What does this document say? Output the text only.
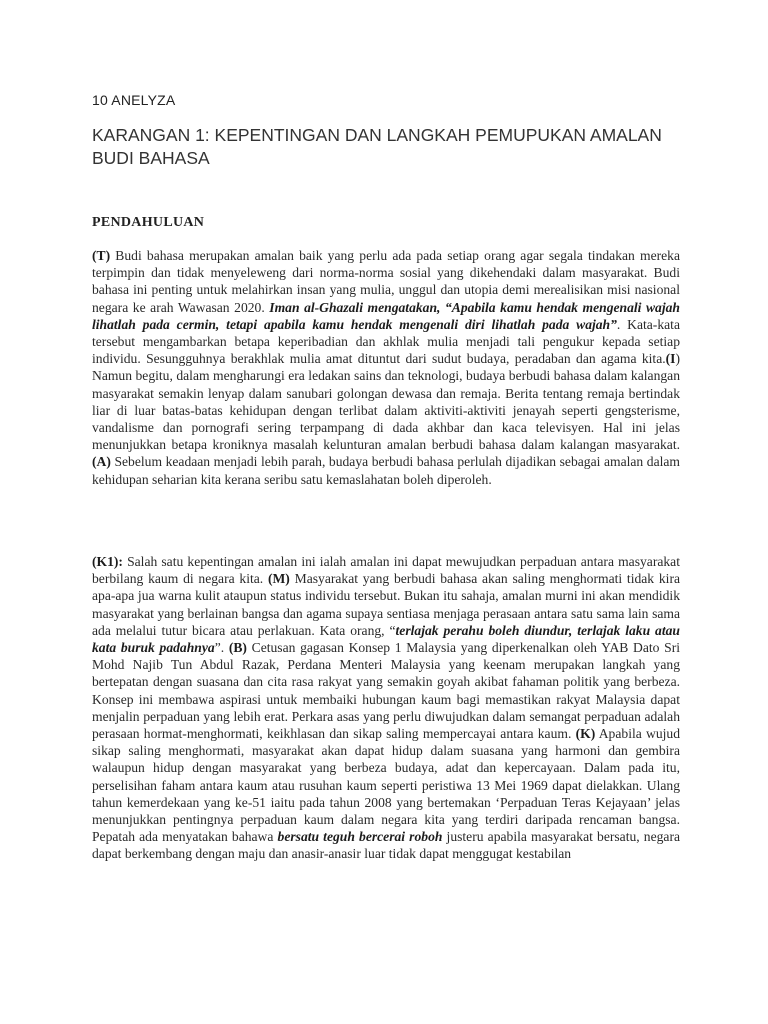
10 ANELYZA
KARANGAN 1: KEPENTINGAN DAN LANGKAH PEMUPUKAN AMALAN BUDI BAHASA
PENDAHULUAN

(T) Budi bahasa merupakan amalan baik yang perlu ada pada setiap orang agar segala tindakan mereka terpimpin dan tidak menyeleweng dari norma-norma sosial yang dikehendaki dalam masyarakat. Budi bahasa ini penting untuk melahirkan insan yang mulia, unggul dan utopia demi merealisikan misi nasional negara ke arah Wawasan 2020. Iman al-Ghazali mengatakan, “Apabila kamu hendak mengenali wajah lihatlah pada cermin, tetapi apabila kamu hendak mengenali diri lihatlah pada wajah”. Kata-kata tersebut mengambarkan betapa keperibadian dan akhlak mulia menjadi tali pengukur kepada setiap individu. Sesungguhnya berakhlak mulia amat dituntut dari sudut budaya, peradaban dan agama kita.(I) Namun begitu, dalam mengharungi era ledakan sains dan teknologi, budaya berbudi bahasa dalam kalangan masyarakat semakin lenyap dalam sanubari golongan dewasa dan remaja. Berita tentang remaja bertindak liar di luar batas-batas kehidupan dengan terlibat dalam aktiviti-aktiviti jenayah seperti gengsterisme, vandalisme dan pornografi sering terpampang di dada akhbar dan kaca televisyen. Hal ini jelas menunjukkan betapa kroniknya masalah kelunturan amalan berbudi bahasa dalam kalangan masyarakat. (A) Sebelum keadaan menjadi lebih parah, budaya berbudi bahasa perlulah dijadikan sebagai amalan dalam kehidupan seharian kita kerana seribu satu kemaslahatan boleh diperoleh.

(K1): Salah satu kepentingan amalan ini ialah amalan ini dapat mewujudkan perpaduan antara masyarakat berbilang kaum di negara kita. (M) Masyarakat yang berbudi bahasa akan saling menghormati tidak kira apa-apa jua warna kulit ataupun status individu tersebut. Bukan itu sahaja, amalan murni ini akan mendidik masyarakat yang berlainan bangsa dan agama supaya sentiasa menjaga perasaan antara satu sama lain sama ada melalui tutur bicara atau perlakuan. Kata orang, “terlajak perahu boleh diundur, terlajak laku atau kata buruk padahnya”. (B) Cetusan gagasan Konsep 1 Malaysia yang diperkenalkan oleh YAB Dato Sri Mohd Najib Tun Abdul Razak, Perdana Menteri Malaysia yang keenam merupakan langkah yang bertepatan dengan suasana dan cita rasa rakyat yang semakin goyah akibat fahaman politik yang berbeza. Konsep ini membawa aspirasi untuk membaiki hubungan kaum bagi memastikan rakyat Malaysia dapat menjalin perpaduan yang lebih erat. Perkara asas yang perlu diwujudkan dalam semangat perpaduan adalah perasaan hormat-menghormati, keikhlasan dan sikap saling mempercayai antara kaum. (K) Apabila wujud sikap saling menghormati, masyarakat akan dapat hidup dalam suasana yang harmoni dan gembira walaupun hidup dengan masyarakat yang berbeza budaya, adat dan kepercayaan. Dalam pada itu, perselisihan faham antara kaum atau rusuhan kaum seperti peristiwa 13 Mei 1969 dapat dielakkan. Ulang tahun kemerdekaan yang ke-51 iaitu pada tahun 2008 yang bertemakan ‘Perpaduan Teras Kejayaan’ jelas menunjukkan pentingnya perpaduan kaum dalam negara kita yang terdiri daripada rencaman bangsa. Pepatah ada menyatakan bahawa bersatu teguh bercerai roboh justeru apabila masyarakat bersatu, negara dapat berkembang dengan maju dan anasir-anasir luar tidak dapat menggugat kestabilan
